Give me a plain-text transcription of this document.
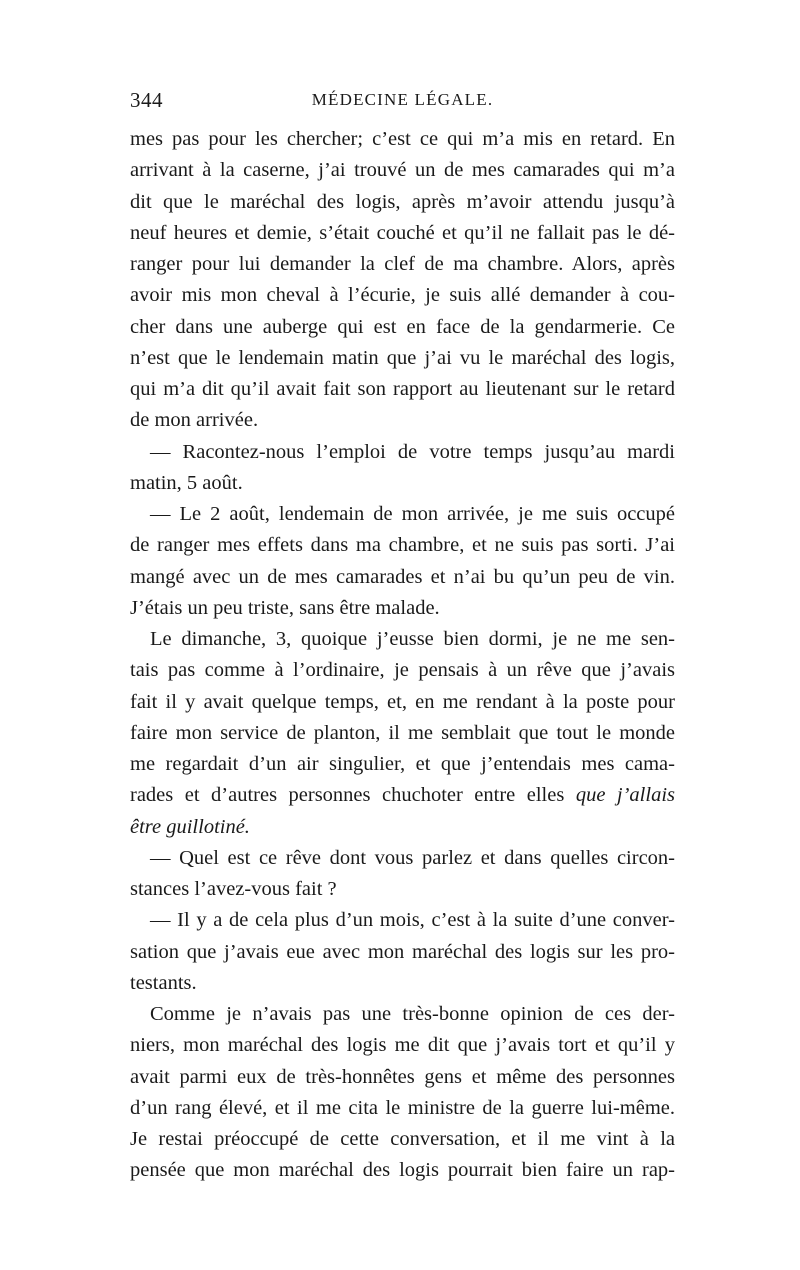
344	MÉDECINE LÉGALE.
mes pas pour les chercher; c’est ce qui m’a mis en retard. En
arrivant à la caserne, j’ai trouvé un de mes camarades qui m’a
dit que le maréchal des logis, après m’avoir attendu jusqu’à
neuf heures et demie, s’était couché et qu’il ne fallait pas le dé-
ranger pour lui demander la clef de ma chambre. Alors, après
avoir mis mon cheval à l’écurie, je suis allé demander à cou-
cher dans une auberge qui est en face de la gendarmerie. Ce
n’est que le lendemain matin que j’ai vu le maréchal des logis,
qui m’a dit qu’il avait fait son rapport au lieutenant sur le retard
de mon arrivée.
— Racontez-nous l’emploi de votre temps jusqu’au mardi
matin, 5 août.
— Le 2 août, lendemain de mon arrivée, je me suis occupé
de ranger mes effets dans ma chambre, et ne suis pas sorti. J’ai
mangé avec un de mes camarades et n’ai bu qu’un peu de vin.
J’étais un peu triste, sans être malade.
Le dimanche, 3, quoique j’eusse bien dormi, je ne me sen-
tais pas comme à l’ordinaire, je pensais à un rêve que j’avais
fait il y avait quelque temps, et, en me rendant à la poste pour
faire mon service de planton, il me semblait que tout le monde
me regardait d’un air singulier, et que j’entendais mes cama-
rades et d’autres personnes chuchoter entre elles que j’allais
être guillotiné.
— Quel est ce rêve dont vous parlez et dans quelles circon-
stances l’avez-vous fait ?
— Il y a de cela plus d’un mois, c’est à la suite d’une conver-
sation que j’avais eue avec mon maréchal des logis sur les pro-
testants.
Comme je n’avais pas une très-bonne opinion de ces der-
niers, mon maréchal des logis me dit que j’avais tort et qu’il y
avait parmi eux de très-honnêtes gens et même des personnes
d’un rang élevé, et il me cita le ministre de la guerre lui-même.
Je restai préoccupé de cette conversation, et il me vint à la
pensée que mon maréchal des logis pourrait bien faire un rap-
